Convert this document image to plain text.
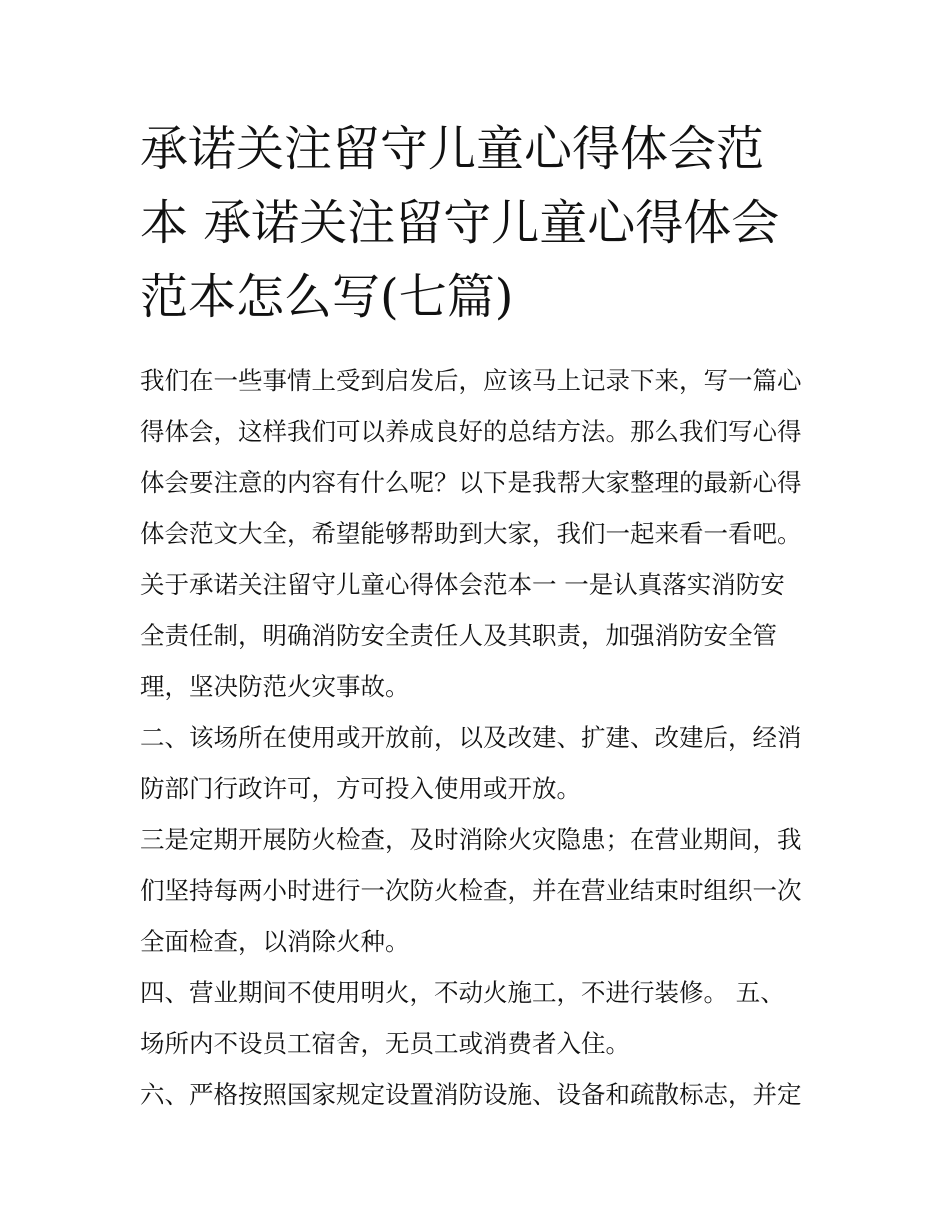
承诺关注留守儿童心得体会范
本 承诺关注留守儿童心得体会
范本怎么写(七篇)
我们在一些事情上受到启发后，应该马上记录下来，写一篇心
得体会，这样我们可以养成良好的总结方法。那么我们写心得
体会要注意的内容有什么呢？以下是我帮大家整理的最新心得
体会范文大全，希望能够帮助到大家，我们一起来看一看吧。
关于承诺关注留守儿童心得体会范本一 一是认真落实消防安
全责任制，明确消防安全责任人及其职责，加强消防安全管
理，坚决防范火灾事故。
二、该场所在使用或开放前，以及改建、扩建、改建后，经消
防部门行政许可，方可投入使用或开放。
三是定期开展防火检查，及时消除火灾隐患；在营业期间，我
们坚持每两小时进行一次防火检查，并在营业结束时组织一次
全面检查，以消除火种。
四、营业期间不使用明火，不动火施工，不进行装修。 五、
场所内不设员工宿舍，无员工或消费者入住。
六、严格按照国家规定设置消防设施、设备和疏散标志，并定
